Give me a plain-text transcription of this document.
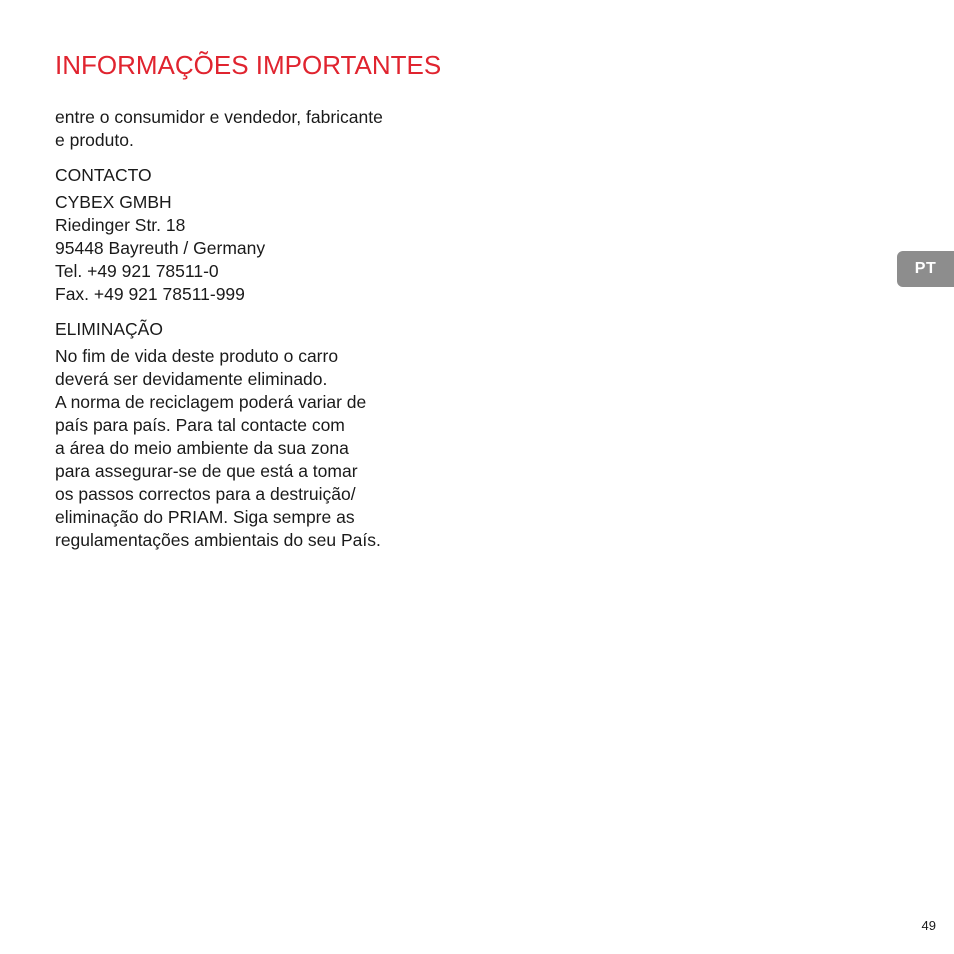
INFORMAÇÕES IMPORTANTES
entre o consumidor e vendedor, fabricante
e produto.
CONTACTO
CYBEX GMBH
Riedinger Str. 18
95448 Bayreuth / Germany
Tel. +49 921 78511-0
Fax. +49 921 78511-999
ELIMINAÇÃO
No fim de vida deste produto o carro
deverá ser devidamente eliminado.
A norma de reciclagem poderá variar de
país para país. Para tal contacte com
a área do meio ambiente da sua zona
para assegurar-se de que está a tomar
os passos correctos para a destruição/
eliminação do PRIAM. Siga sempre as
regulamentações ambientais do seu País.
PT
49
